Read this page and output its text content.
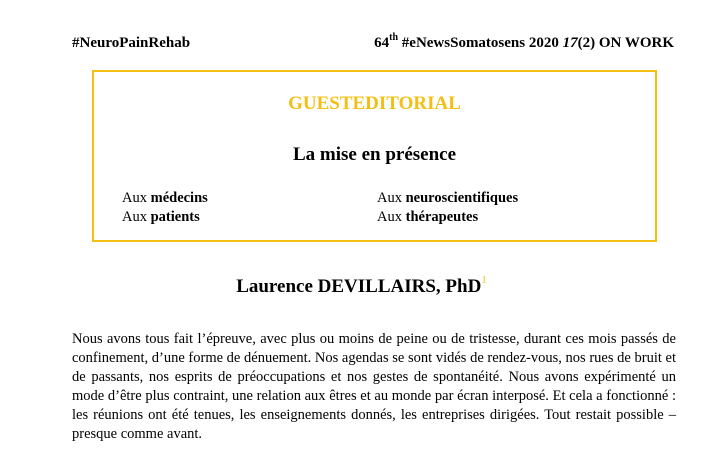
#NeuroPainRehab	64th #eNewsSomatosens 2020 17(2) ON WORK
GUESTEDITORIAL
La mise en présence
Aux médecins
Aux patients
Aux neuroscientifiques
Aux thérapeutes
Laurence DEVILLAIRS, PhD$^1$
Nous avons tous fait l’épreuve, avec plus ou moins de peine ou de tristesse, durant ces mois passés de confinement, d’une forme de dénuement. Nos agendas se sont vidés de rendez-vous, nos rues de bruit et de passants, nos esprits de préoccupations et nos gestes de spontanéité. Nous avons expérimenté un mode d’être plus contraint, une relation aux êtres et au monde par écran interposé. Et cela a fonctionné : les réunions ont été tenues, les enseignements donnés, les entreprises dirigées. Tout restait possible – presque comme avant.
